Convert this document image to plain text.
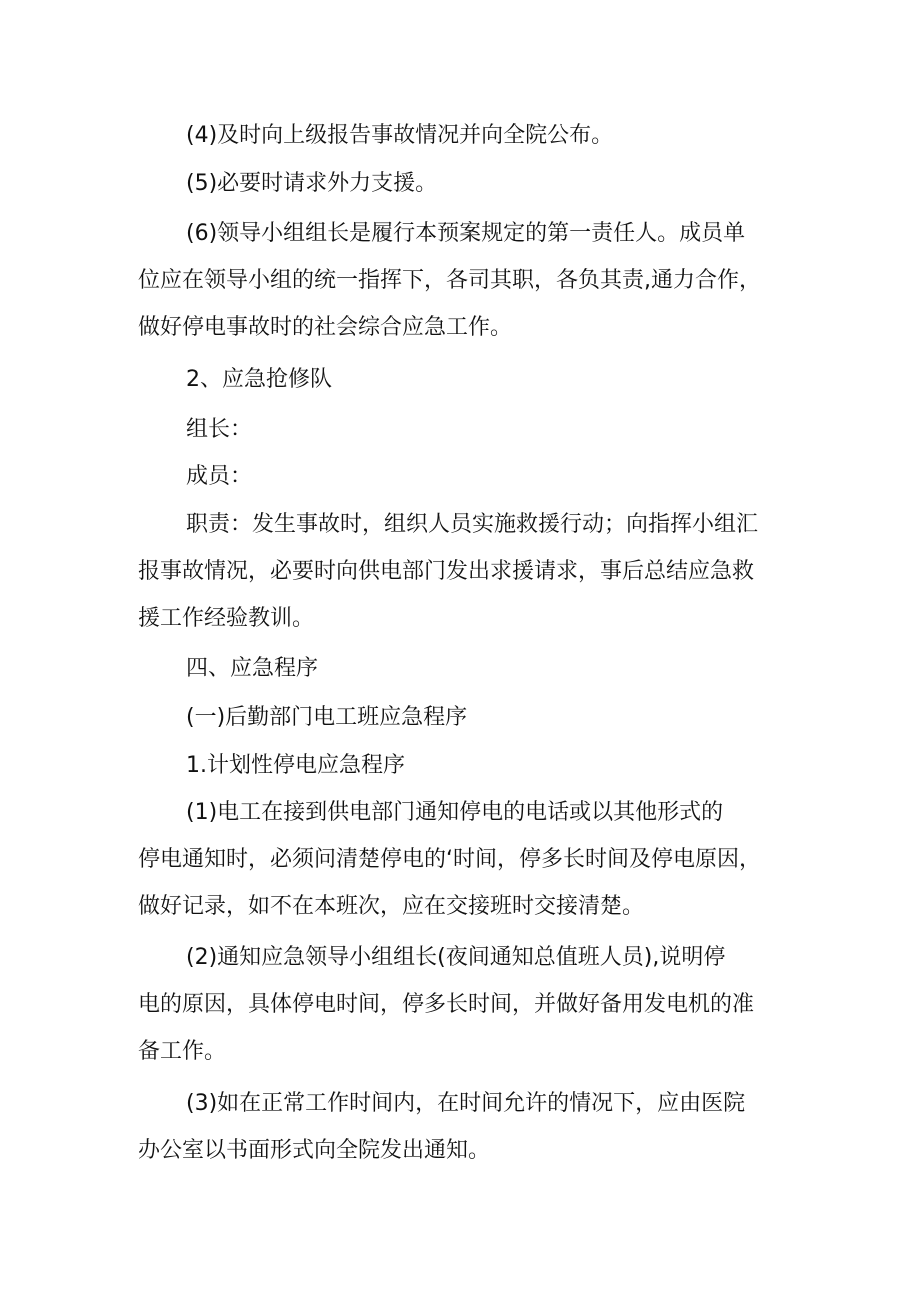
(4)及时向上级报告事故情况并向全院公布。

(5)必要时请求外力支援。

(6)领导小组组长是履行本预案规定的第一责任人。成员单
位应在领导小组的统一指挥下，各司其职，各负其责,通力合作，
做好停电事故时的社会综合应急工作。

2、应急抢修队

组长：

成员：

职责：发生事故时，组织人员实施救援行动；向指挥小组汇
报事故情况，必要时向供电部门发出求援请求，事后总结应急救
援工作经验教训。

四、应急程序

(一)后勤部门电工班应急程序

1.计划性停电应急程序

(1)电工在接到供电部门通知停电的电话或以其他形式的
停电通知时，必须问清楚停电的‘时间，停多长时间及停电原因，
做好记录，如不在本班次，应在交接班时交接清楚。

(2)通知应急领导小组组长(夜间通知总值班人员),说明停
电的原因，具体停电时间，停多长时间，并做好备用发电机的准
备工作。

(3)如在正常工作时间内，在时间允许的情况下，应由医院
办公室以书面形式向全院发出通知。
